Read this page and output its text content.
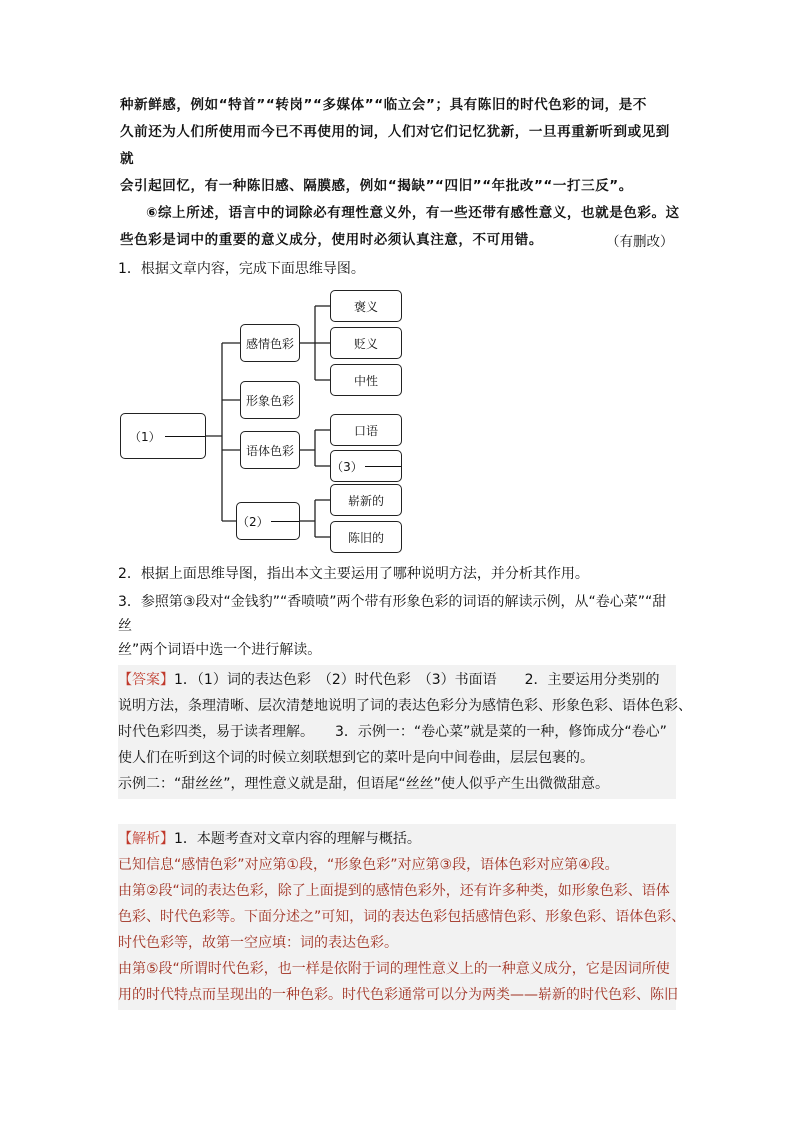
种新鲜感，例如“特首”“转岗”“多媒体”“临立会”；具有陈旧的时代色彩的词，是不
久前还为人们所使用而今已不再使用的词，人们对它们记忆犹新，一旦再重新听到或见到就
会引起回忆，有一种陈旧感、隔膜感，例如“揭缺”“四旧”“年批改”“一打三反”。
⑥综上所述，语言中的词除必有理性意义外，有一些还带有感性意义，也就是色彩。这
些色彩是词中的重要的意义成分，使用时必须认真注意，不可用错。	（有删改）
1．根据文章内容，完成下面思维导图。
（1）
感情色彩
形象色彩
语体色彩
（2）
褒义
贬义
中性
口语
（3）
崭新的
陈旧的
2．根据上面思维导图，指出本文主要运用了哪种说明方法，并分析其作用。
3．参照第③段对“金钱豹”“香喷喷”两个带有形象色彩的词语的解读示例，从“卷心菜”“甜丝
丝”两个词语中选一个进行解读。
【答案】1．（1）词的表达色彩　（2）时代色彩　（3）书面语　　2．主要运用分类别的
说明方法，条理清晰、层次清楚地说明了词的表达色彩分为感情色彩、形象色彩、语体色彩、
时代色彩四类，易于读者理解。　　3．示例一：“卷心菜”就是菜的一种，修饰成分“卷心”
使人们在听到这个词的时候立刻联想到它的菜叶是向中间卷曲，层层包裹的。
示例二：“甜丝丝”，理性意义就是甜，但语尾“丝丝”使人似乎产生出微微甜意。
【解析】1．本题考查对文章内容的理解与概括。
已知信息“感情色彩”对应第①段，“形象色彩”对应第③段，语体色彩对应第④段。
由第②段“词的表达色彩，除了上面提到的感情色彩外，还有许多种类，如形象色彩、语体
色彩、时代色彩等。下面分述之”可知，词的表达色彩包括感情色彩、形象色彩、语体色彩、
时代色彩等，故第一空应填：词的表达色彩。
由第⑤段“所谓时代色彩，也一样是依附于词的理性意义上的一种意义成分，它是因词所使
用的时代特点而呈现出的一种色彩。时代色彩通常可以分为两类——崭新的时代色彩、陈旧
